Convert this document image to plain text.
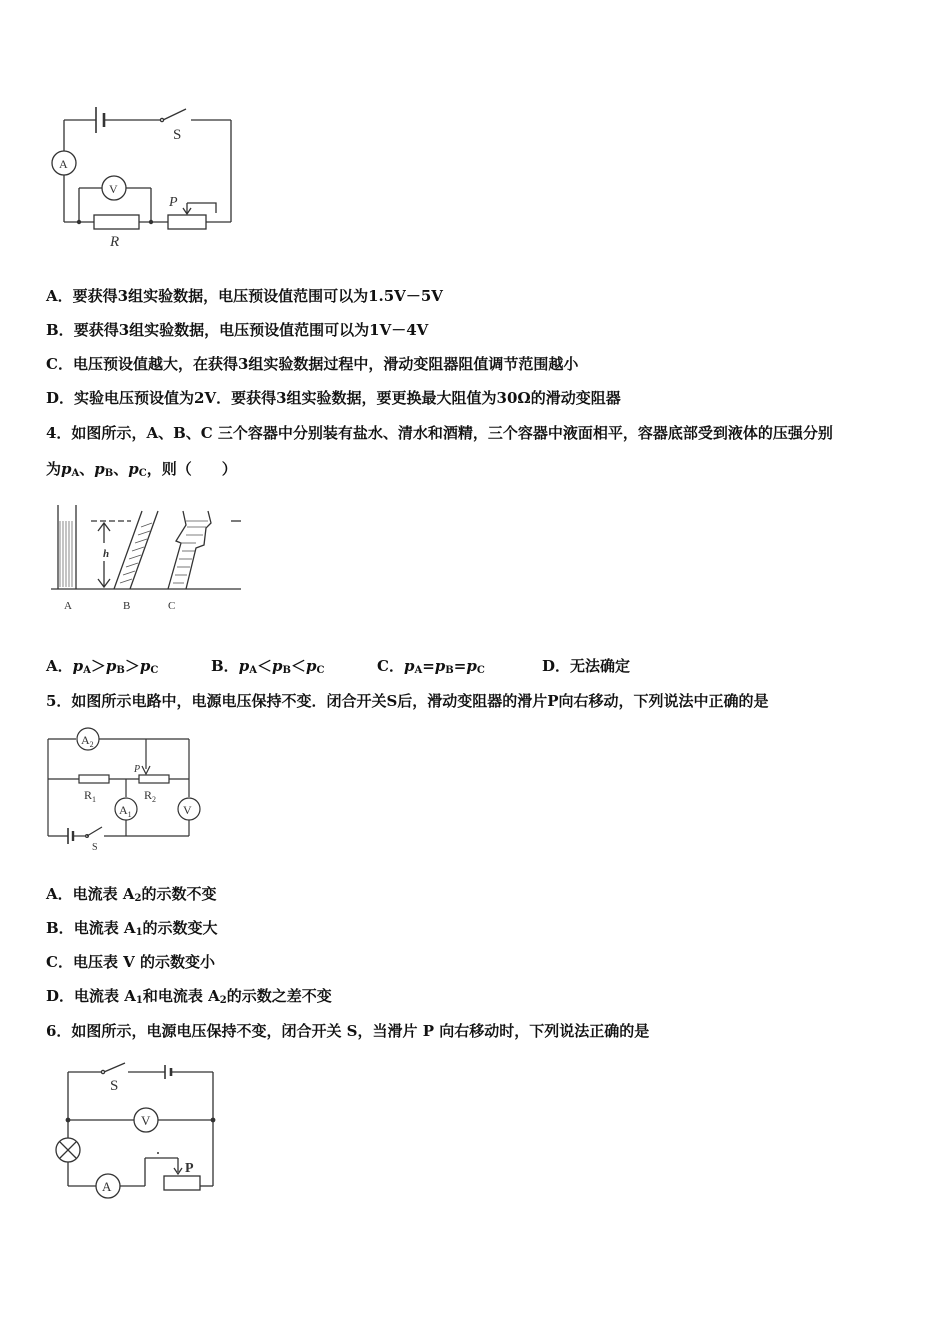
S
A
V
P
R
A．要获得3组实验数据，电压预设值范围可以为1.5V－5V
B．要获得3组实验数据，电压预设值范围可以为1V－4V
C．电压预设值越大，在获得3组实验数据过程中，滑动变阻器阻值调节范围越小
D．实验电压预设值为2V．要获得3组实验数据，要更换最大阻值为30Ω的滑动变阻器
4．如图所示，A、B、C 三个容器中分别装有盐水、清水和酒精，三个容器中液面相平，容器底部受到液体的压强分别
为$p_A$、$p_B$、$p_C$，则（　　）
h
A	B	C
A．$p_A>p_B>p_C$	B．$p_A<p_B<p_C$	C．$p_A=p_B=p_C$	D．无法确定
5．如图所示电路中，电源电压保持不变．闭合开关S后，滑动变阻器的滑片P向右移动，下列说法中正确的是
$A_2$
V
$A_1$
$R_1$	$R_2$
P
S
A．电流表 $A_2$的示数不变
B．电流表 $A_1$的示数变大
C．电压表 V 的示数变小
D．电流表 $A_1$和电流表 $A_2$的示数之差不变
6．如图所示，电源电压保持不变，闭合开关 S，当滑片 P 向右移动时，下列说法正确的是
S
V
A
P
